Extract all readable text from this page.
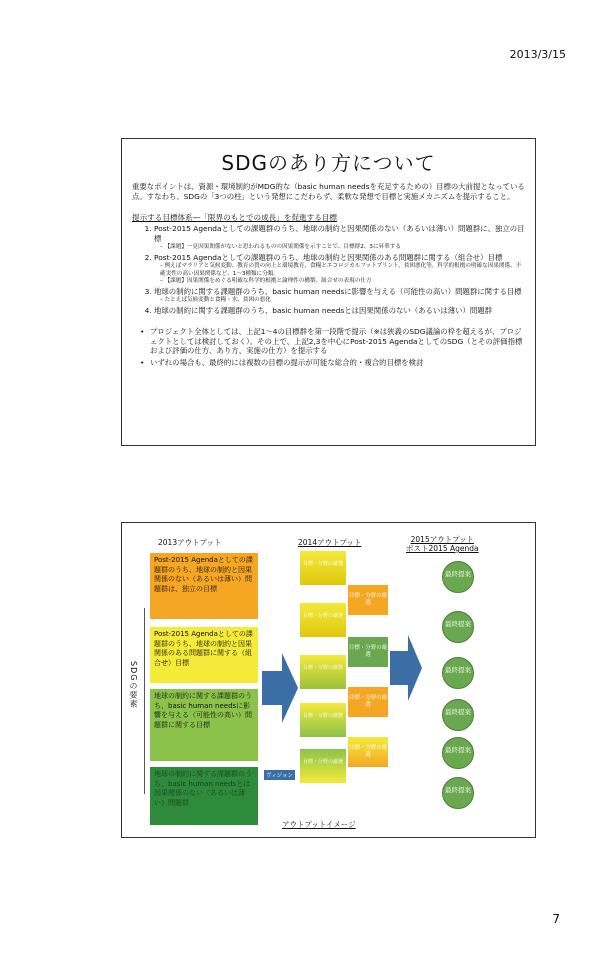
2013/3/15
SDGのあり方について
重要なポイントは、資源・環境制約がMDG的な（basic human needsを充足するための）目標の大前提となっている点。すなわち、SDGの「3つの柱」という発想にこだわらず、柔軟な発想で目標と実施メカニズムを提示すること。
提示する目標体系―「限界のもとでの成長」を促進する目標
1. Post-2015 Agendaとしての課題群のうち、地球の制約と因果関係のない（あるいは薄い）問題群に、独立の目標
– 【課題】一見因果関係がないと思われるものの因果関係を示すことで、目標群2、3に昇華する
2. Post-2015 Agendaとしての課題群のうち、地球の制約と因果関係のある問題群に関する（組合せ）目標
– 例えばマラリアと気候変動、教育の質の向上と環境教育、食糧とエコロジカルフットプリント、貧困悪化等。科学的根拠の明確な因果関係、不確実性の高い因果関係など、1～3種類に分類。
– 【課題】因果関係をめぐる明確な科学的根拠と論理性の構築、組合せの表現の仕方
3. 地球の制約に関する課題群のうち、basic human needsに影響を与える（可能性の高い）問題群に関する目標
– たとえば気候変動と食糧・水、貧困の悪化
4. 地球の制約に関する課題群のうち、basic human needsとは因果関係のない（あるいは薄い）問題群
• プロジェクト全体としては、上記1～4の目標群を第一段階で提示（※は狭義のSDG議論の枠を超えるが、プロジェクトとしては検討しておく）。その上で、上記2,3を中心にPost-2015 AgendaとしてのSDG（とその評価指標および評価の仕方、あり方、実施の仕方）を提示する
• いずれの場合も、最終的には複数の目標の提示が可能な総合的・複合的目標を検討
2013アウトプット	2014アウトプット	2015アウトプット
ポスト2015 Agenda
SDGの要素
Post-2015 Agendaとしての課題群のうち、地球の制約と因果関係のない（あるいは薄い）問題群は、独立の目標
Post-2015 Agendaとしての課題群のうち、地球の制約と因果関係のある問題群に関する（組合せ）目標
地球の制約に関する課題群のうち、basic human needsに影響を与える（可能性の高い）問題群に関する目標
地球の制約に関する課題群のうち、basic human needsとは因果関係のない（あるいは薄い）問題群
目標・分野の厳選
目標・分野の厳選
目標・分野の厳選
目標・分野の厳選
目標・分野の厳選
目標・分野の厳選
目標・分野の厳選
目標・分野の厳選
目標・分野の厳選
ヴィジョン
ネクサス
総合
最終提案
最終提案
最終提案
最終提案
最終提案
最終提案
アウトプットイメージ
7
